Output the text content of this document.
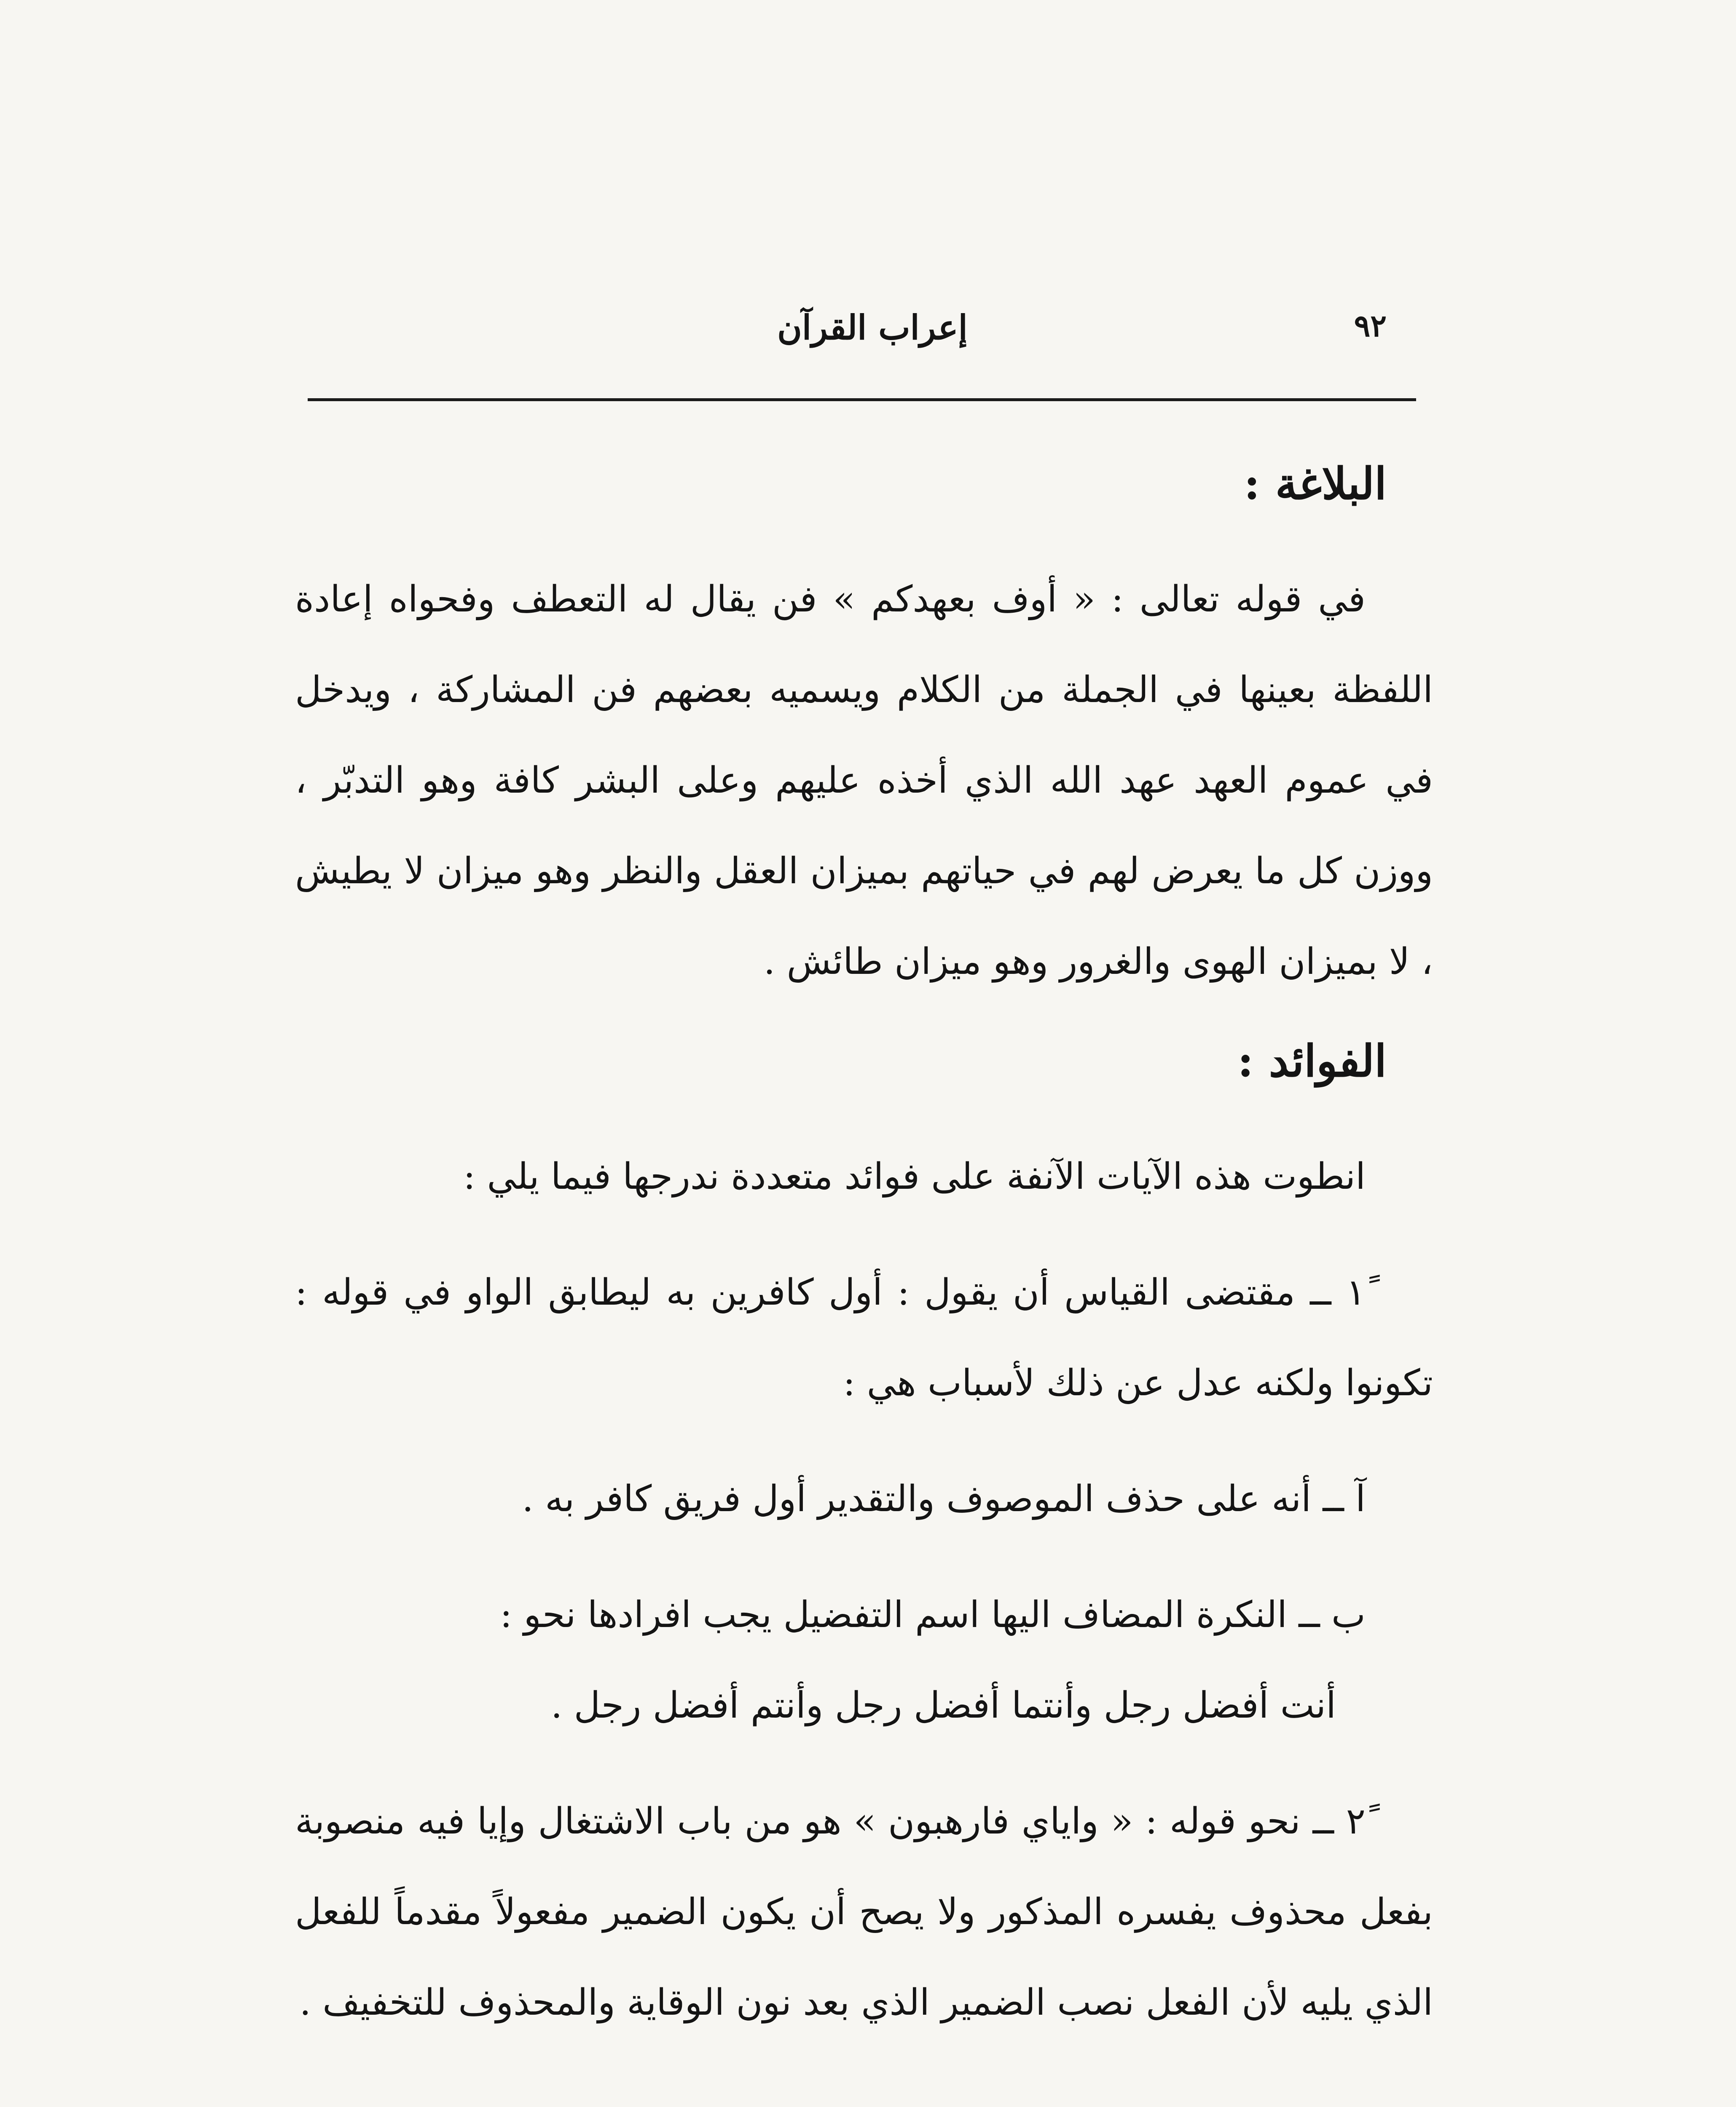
٩٢
إعراب القرآن
البلاغة :

في قوله تعالى : « أوف بعهدكم » فن يقال له التعطف وفحواه إعادة اللفظة بعينها في الجملة من الكلام ويسميه بعضهم فن المشاركة ، ويدخل في عموم العهد عهد الله الذي أخذه عليهم وعلى البشر كافة وهو التدبّر ، ووزن كل ما يعرض لهم في حياتهم بميزان العقل والنظر وهو ميزان لا يطيش ، لا بميزان الهوى والغرور وهو ميزان طائش .

الفوائد :

انطوت هذه الآيات الآنفة على فوائد متعددة ندرجها فيما يلي :

١ً ــ مقتضى القياس أن يقول : أول كافرين به ليطابق الواو في قوله : تكونوا ولكنه عدل عن ذلك لأسباب هي :

آ ــ أنه على حذف الموصوف والتقدير أول فريق كافر به .

ب ــ النكرة المضاف اليها اسم التفضيل يجب افرادها نحو :

أنت أفضل رجل وأنتما أفضل رجل وأنتم أفضل رجل .

٢ً ــ نحو قوله : « واياي فارهبون » هو من باب الاشتغال وإيا فيه منصوبة بفعل محذوف يفسره المذكور ولا يصح أن يكون الضمير مفعولاً مقدماً للفعل الذي يليه لأن الفعل نصب الضمير الذي بعد نون الوقاية والمحذوف للتخفيف .
